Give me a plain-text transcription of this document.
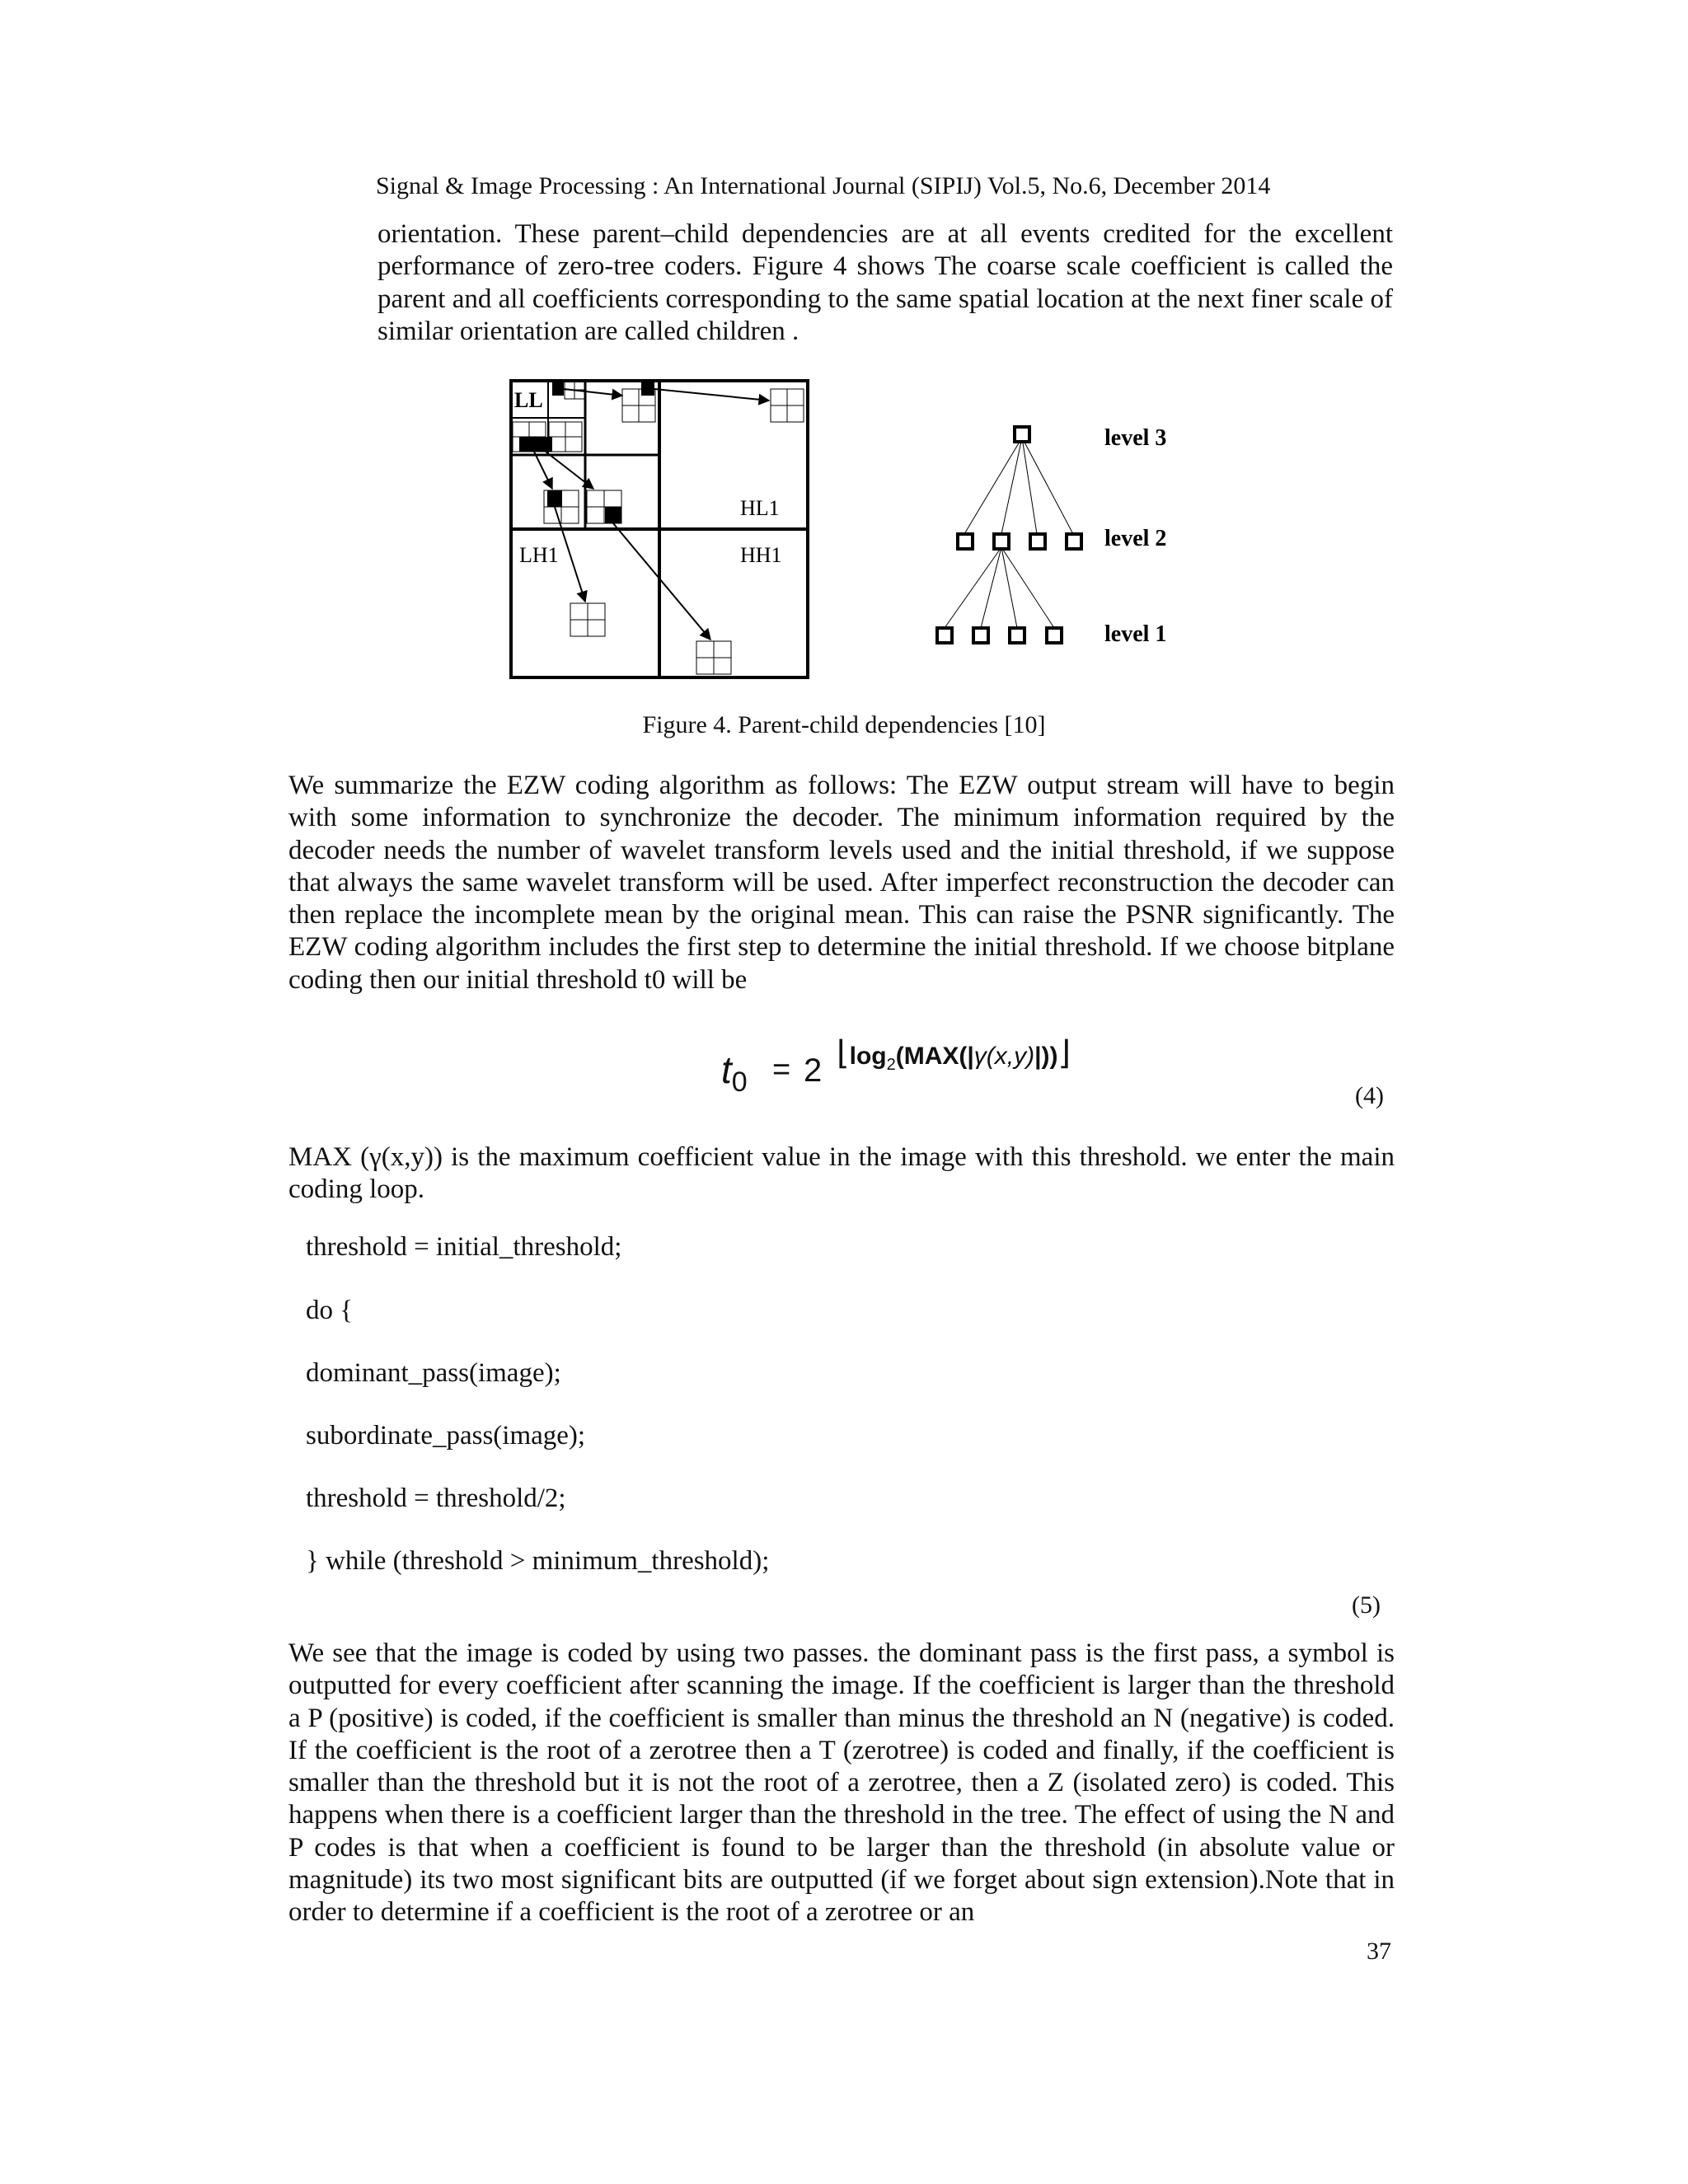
Signal & Image Processing : An International Journal (SIPIJ) Vol.5, No.6, December 2014

orientation. These parent–child dependencies are at all events credited for the excellent performance of zero-tree coders. Figure 4 shows The coarse scale coefficient is called the parent and all coefficients corresponding to the same spatial location at the next finer scale of similar orientation are called children .

LL
HL1
LH1	HH1
level 3
level 2
level 1
Figure 4. Parent-child dependencies [10]

We summarize the EZW coding algorithm as follows: The EZW output stream will have to begin with some information to synchronize the decoder. The minimum information required by the decoder needs the number of wavelet transform levels used and the initial threshold, if we suppose that always the same wavelet transform will be used. After imperfect reconstruction the decoder can then replace the incomplete mean by the original mean. This can raise the PSNR significantly. The EZW coding algorithm includes the first step to determine the initial threshold. If we choose bitplane coding then our initial threshold t0 will be

$t_0 = 2$ $⌊\log_2(MAX(|\gamma(x,y)|))⌋$
(4)

MAX (γ(x,y)) is the maximum coefficient value in the image with this threshold. we enter the main coding loop.

threshold = initial_threshold;
do {
dominant_pass(image);
subordinate_pass(image);
threshold = threshold/2;
} while (threshold > minimum_threshold);
(5)

We see that the image is coded by using two passes. the dominant pass is the first pass, a symbol is outputted for every coefficient after scanning the image. If the coefficient is larger than the threshold a P (positive) is coded, if the coefficient is smaller than minus the threshold an N (negative) is coded. If the coefficient is the root of a zerotree then a T (zerotree) is coded and finally, if the coefficient is smaller than the threshold but it is not the root of a zerotree, then a Z (isolated zero) is coded. This happens when there is a coefficient larger than the threshold in the tree. The effect of using the N and P codes is that when a coefficient is found to be larger than the threshold (in absolute value or magnitude) its two most significant bits are outputted (if we forget about sign extension).Note that in order to determine if a coefficient is the root of a zerotree or an

37
